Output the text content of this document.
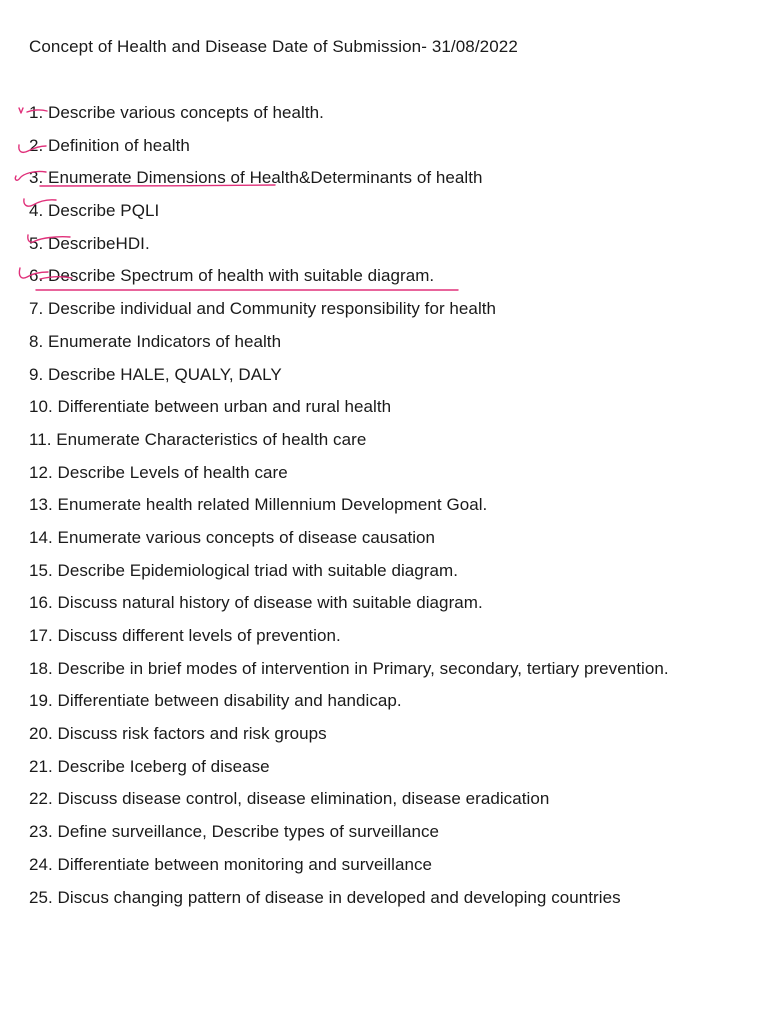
Concept of Health and Disease Date of Submission- 31/08/2022
1. Describe various concepts of health.
2. Definition of health
3. Enumerate Dimensions of Health&Determinants of health
4. Describe PQLI
5. DescribeHDI.
6. Describe Spectrum of health with suitable diagram.
7. Describe individual and Community responsibility for health
8. Enumerate Indicators of health
9. Describe HALE, QUALY, DALY
10. Differentiate between urban and rural health
11. Enumerate Characteristics of health care
12. Describe Levels of health care
13. Enumerate health related Millennium Development Goal.
14. Enumerate various concepts of disease causation
15. Describe Epidemiological triad with suitable diagram.
16. Discuss natural history of disease with suitable diagram.
17. Discuss different levels of prevention.
18. Describe in brief modes of intervention in Primary, secondary, tertiary prevention.
19. Differentiate between disability and handicap.
20. Discuss risk factors and risk groups
21. Describe Iceberg of disease
22. Discuss disease control, disease elimination, disease eradication
23. Define surveillance, Describe types of surveillance
24. Differentiate between monitoring and surveillance
25. Discus changing pattern of disease in developed and developing countries
